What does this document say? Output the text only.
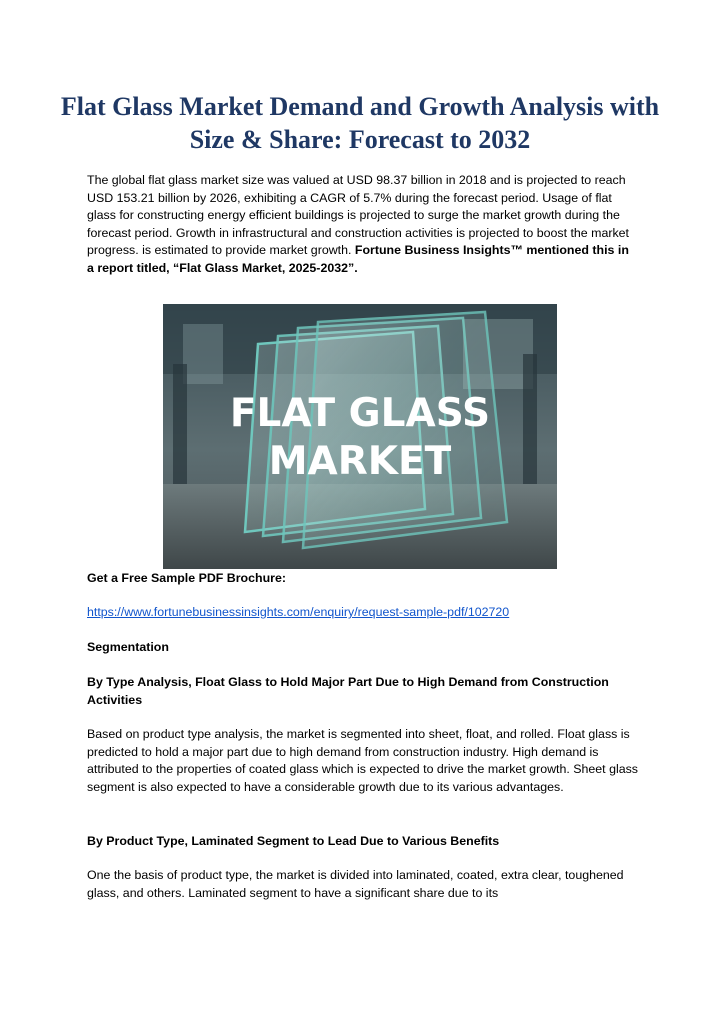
Flat Glass Market Demand and Growth Analysis with Size & Share: Forecast to 2032

The global flat glass market size was valued at USD 98.37 billion in 2018 and is projected to reach USD 153.21 billion by 2026, exhibiting a CAGR of 5.7% during the forecast period. Usage of flat glass for constructing energy efficient buildings is projected to surge the market growth during the forecast period. Growth in infrastructural and construction activities is projected to boost the market progress. is estimated to provide market growth. Fortune Business Insights™ mentioned this in a report titled, “Flat Glass Market, 2025-2032”.

FLAT GLASS
MARKET

Get a Free Sample PDF Brochure:

https://www.fortunebusinessinsights.com/enquiry/request-sample-pdf/102720

Segmentation

By Type Analysis, Float Glass to Hold Major Part Due to High Demand from Construction Activities

Based on product type analysis, the market is segmented into sheet, float, and rolled. Float glass is predicted to hold a major part due to high demand from construction industry. High demand is attributed to the properties of coated glass which is expected to drive the market growth. Sheet glass segment is also expected to have a considerable growth due to its various advantages.

By Product Type, Laminated Segment to Lead Due to Various Benefits

One the basis of product type, the market is divided into laminated, coated, extra clear, toughened glass, and others. Laminated segment to have a significant share due to its
